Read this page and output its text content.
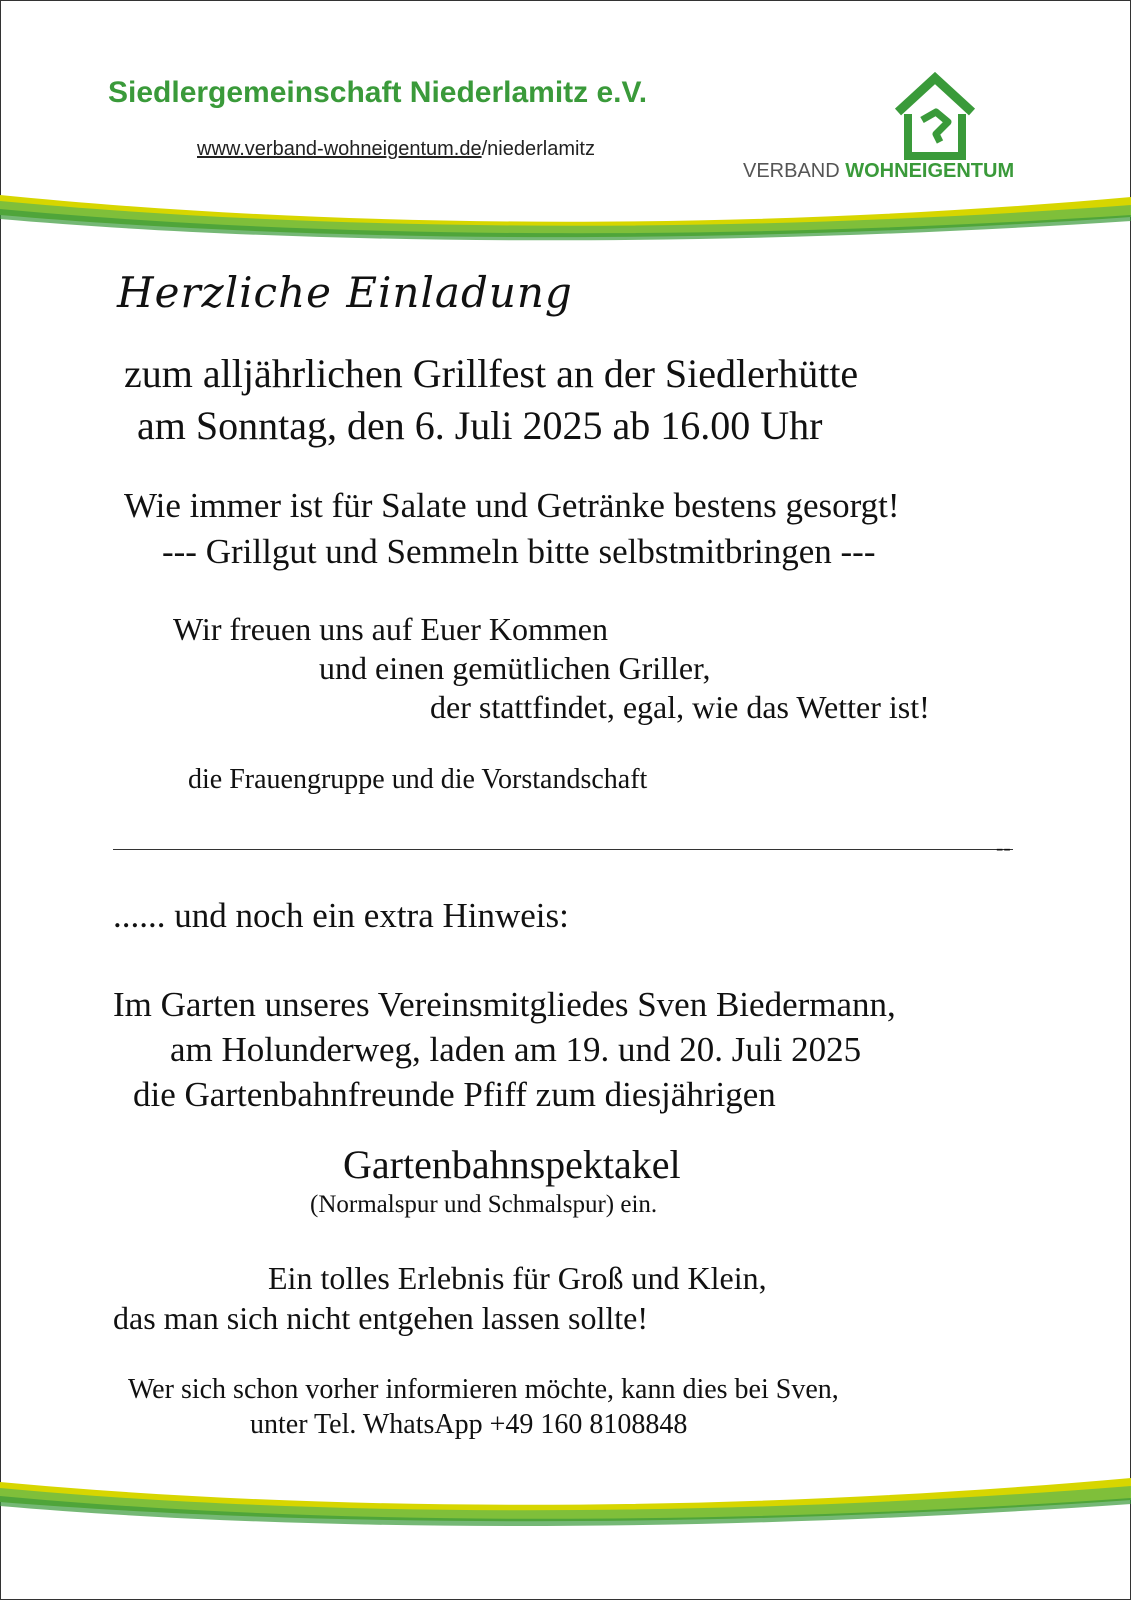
Siedlergemeinschaft Niederlamitz e.V.
www.verband-wohneigentum.de/niederlamitz
VERBAND WOHNEIGENTUM
Herzliche Einladung
zum alljährlichen Grillfest an der Siedlerhütte
am Sonntag, den 6. Juli 2025 ab 16.00 Uhr
Wie immer ist für Salate und Getränke bestens gesorgt!
--- Grillgut und Semmeln bitte selbstmitbringen ---
Wir freuen uns auf Euer Kommen
und einen gemütlichen Griller,
der stattfindet, egal, wie das Wetter ist!
die Frauengruppe und die Vorstandschaft
--
...... und noch ein extra Hinweis:
Im Garten unseres Vereinsmitgliedes Sven Biedermann,
am Holunderweg, laden am 19. und 20. Juli 2025
die Gartenbahnfreunde Pfiff zum diesjährigen
Gartenbahnspektakel
(Normalspur und Schmalspur) ein.
Ein tolles Erlebnis für Groß und Klein,
das man sich nicht entgehen lassen sollte!
Wer sich schon vorher informieren möchte, kann dies bei Sven,
unter Tel. WhatsApp +49 160 8108848
